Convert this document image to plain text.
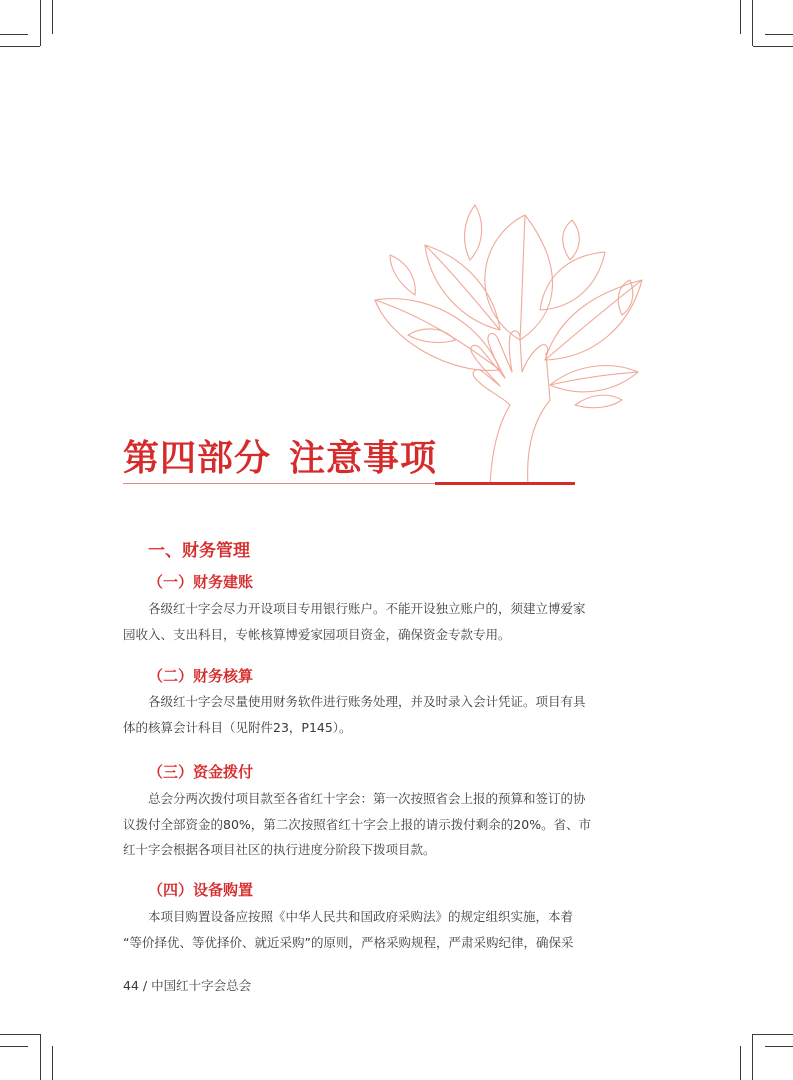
第四部分 注意事项
一、财务管理
（一）财务建账

各级红十字会尽力开设项目专用银行账户。不能开设独立账户的，须建立博爱家
园收入、支出科目，专帐核算博爱家园项目资金，确保资金专款专用。

（二）财务核算

各级红十字会尽量使用财务软件进行账务处理，并及时录入会计凭证。项目有具
体的核算会计科目（见附件23，P145）。

（三）资金拨付

总会分两次拨付项目款至各省红十字会：第一次按照省会上报的预算和签订的协
议拨付全部资金的80%，第二次按照省红十字会上报的请示拨付剩余的20%。省、市
红十字会根据各项目社区的执行进度分阶段下拨项目款。

（四）设备购置

本项目购置设备应按照《中华人民共和国政府采购法》的规定组织实施，本着
“等价择优、等优择价、就近采购”的原则，严格采购规程，严肃采购纪律，确保采

44 / 中国红十字会总会
